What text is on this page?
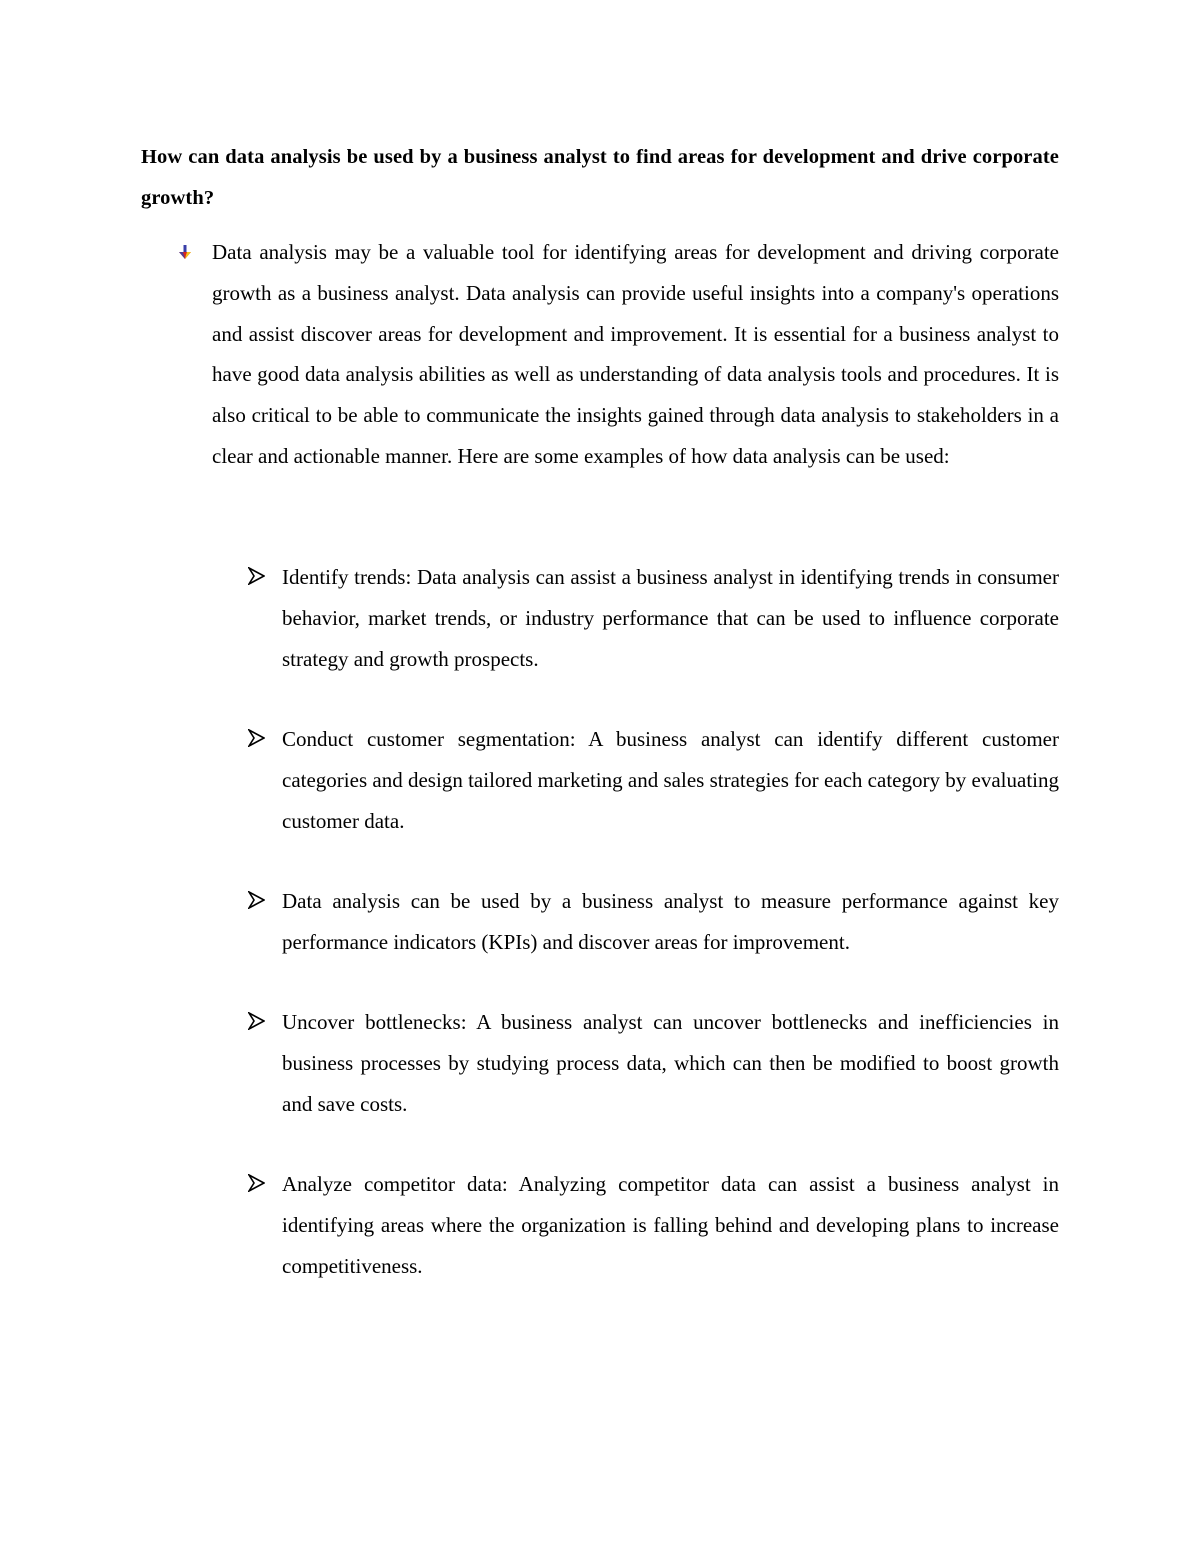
How can data analysis be used by a business analyst to find areas for development and drive corporate growth?

Data analysis may be a valuable tool for identifying areas for development and driving corporate growth as a business analyst. Data analysis can provide useful insights into a company's operations and assist discover areas for development and improvement. It is essential for a business analyst to have good data analysis abilities as well as understanding of data analysis tools and procedures. It is also critical to be able to communicate the insights gained through data analysis to stakeholders in a clear and actionable manner. Here are some examples of how data analysis can be used:

Identify trends: Data analysis can assist a business analyst in identifying trends in consumer behavior, market trends, or industry performance that can be used to influence corporate strategy and growth prospects.

Conduct customer segmentation: A business analyst can identify different customer categories and design tailored marketing and sales strategies for each category by evaluating customer data.

Data analysis can be used by a business analyst to measure performance against key performance indicators (KPIs) and discover areas for improvement.

Uncover bottlenecks: A business analyst can uncover bottlenecks and inefficiencies in business processes by studying process data, which can then be modified to boost growth and save costs.

Analyze competitor data: Analyzing competitor data can assist a business analyst in identifying areas where the organization is falling behind and developing plans to increase competitiveness.
